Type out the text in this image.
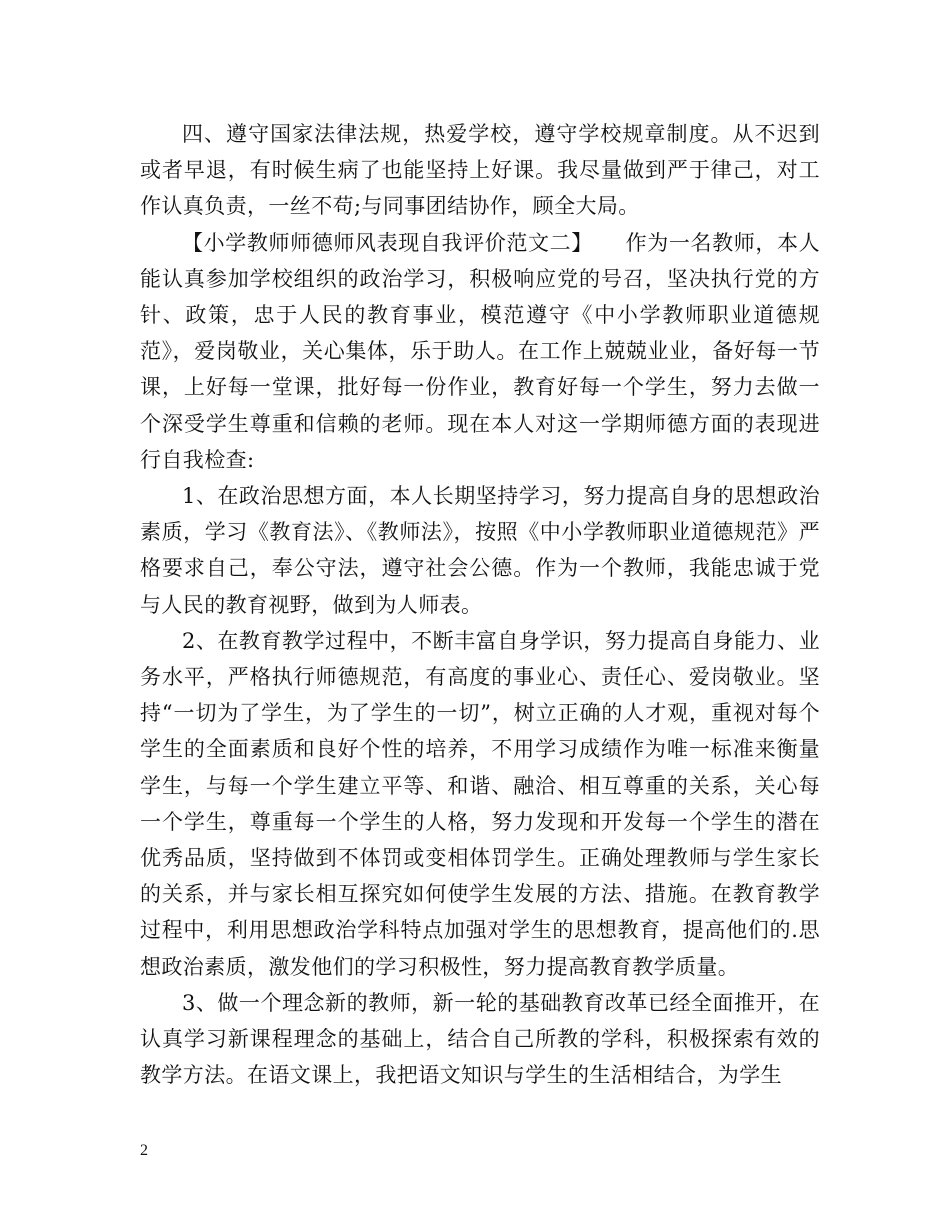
四、遵守国家法律法规，热爱学校，遵守学校规章制度。从不迟到或者早退，有时候生病了也能坚持上好课。我尽量做到严于律己，对工作认真负责，一丝不苟;与同事团结协作，顾全大局。

【小学教师师德师风表现自我评价范文二】　　 作为一名教师，本人能认真参加学校组织的政治学习，积极响应党的号召，坚决执行党的方针、政策，忠于人民的教育事业，模范遵守《中小学教师职业道德规范》，爱岗敬业，关心集体，乐于助人。在工作上兢兢业业，备好每一节课，上好每一堂课，批好每一份作业，教育好每一个学生，努力去做一个深受学生尊重和信赖的老师。现在本人对这一学期师德方面的表现进行自我检查:

1、在政治思想方面，本人长期坚持学习，努力提高自身的思想政治素质，学习《教育法》、《教师法》，按照《中小学教师职业道德规范》严格要求自己，奉公守法，遵守社会公德。作为一个教师，我能忠诚于党与人民的教育视野，做到为人师表。

2、在教育教学过程中，不断丰富自身学识，努力提高自身能力、业务水平，严格执行师德规范，有高度的事业心、责任心、爱岗敬业。坚持“一切为了学生，为了学生的一切”，树立正确的人才观，重视对每个学生的全面素质和良好个性的培养，不用学习成绩作为唯一标准来衡量学生，与每一个学生建立平等、和谐、融洽、相互尊重的关系，关心每一个学生，尊重每一个学生的人格，努力发现和开发每一个学生的潜在优秀品质，坚持做到不体罚或变相体罚学生。正确处理教师与学生家长的关系，并与家长相互探究如何使学生发展的方法、措施。在教育教学过程中，利用思想政治学科特点加强对学生的思想教育，提高他们的.思想政治素质，激发他们的学习积极性，努力提高教育教学质量。

3、做一个理念新的教师，新一轮的基础教育改革已经全面推开，在认真学习新课程理念的基础上，结合自己所教的学科，积极探索有效的教学方法。在语文课上，我把语文知识与学生的生活相结合，为学生

2
